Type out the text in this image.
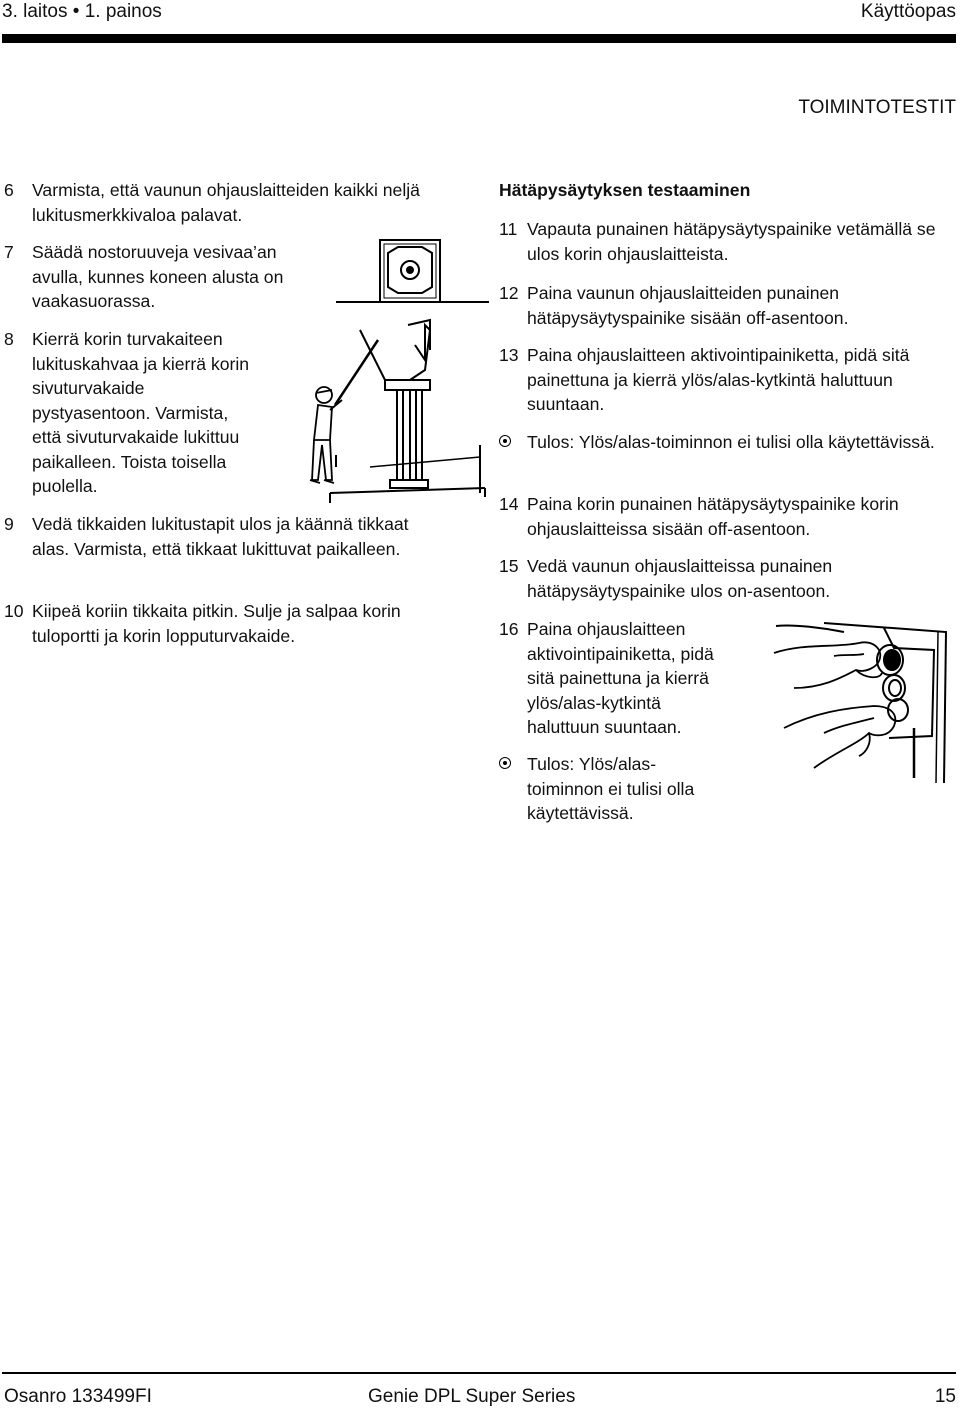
3. laitos • 1. painos	Käyttöopas
TOIMINTOTESTIT
6 Varmista, että vaunun ohjauslaitteiden kaikki neljä lukitusmerkkivaloa palavat.
7 Säädä nostoruuveja vesivaa’an
avulla, kunnes koneen alusta on
vaakasuorassa.
8 Kierrä korin turvakaiteen
lukituskahvaa ja kierrä korin
sivuturvakaide
pystyasentoon. Varmista,
että sivuturvakaide lukittuu
paikalleen. Toista toisella
puolella.
9 Vedä tikkaiden lukitustapit ulos ja käännä tikkaat alas. Varmista, että tikkaat lukittuvat paikalleen.
10 Kiipeä koriin tikkaita pitkin. Sulje ja salpaa korin tuloportti ja korin lopputurvakaide.
Hätäpysäytyksen testaaminen
11 Vapauta punainen hätäpysäytyspainike vetämällä se ulos korin ohjauslaitteista.
12 Paina vaunun ohjauslaitteiden punainen hätäpysäytyspainike sisään off-asentoon.
13 Paina ohjauslaitteen aktivointipainiketta, pidä sitä painettuna ja kierrä ylös/alas-kytkintä haluttuun suuntaan.
Tulos: Ylös/alas-toiminnon ei tulisi olla käytettävissä.
14 Paina korin punainen hätäpysäytyspainike korin ohjauslaitteissa sisään off-asentoon.
15 Vedä vaunun ohjauslaitteissa punainen hätäpysäytyspainike ulos on-asentoon.
16 Paina ohjauslaitteen
aktivointipainiketta, pidä
sitä painettuna ja kierrä
ylös/alas-kytkintä
haluttuun suuntaan.
Tulos: Ylös/alas-
toiminnon ei tulisi olla
käytettävissä.
Osanro 133499FI	Genie DPL Super Series	15
